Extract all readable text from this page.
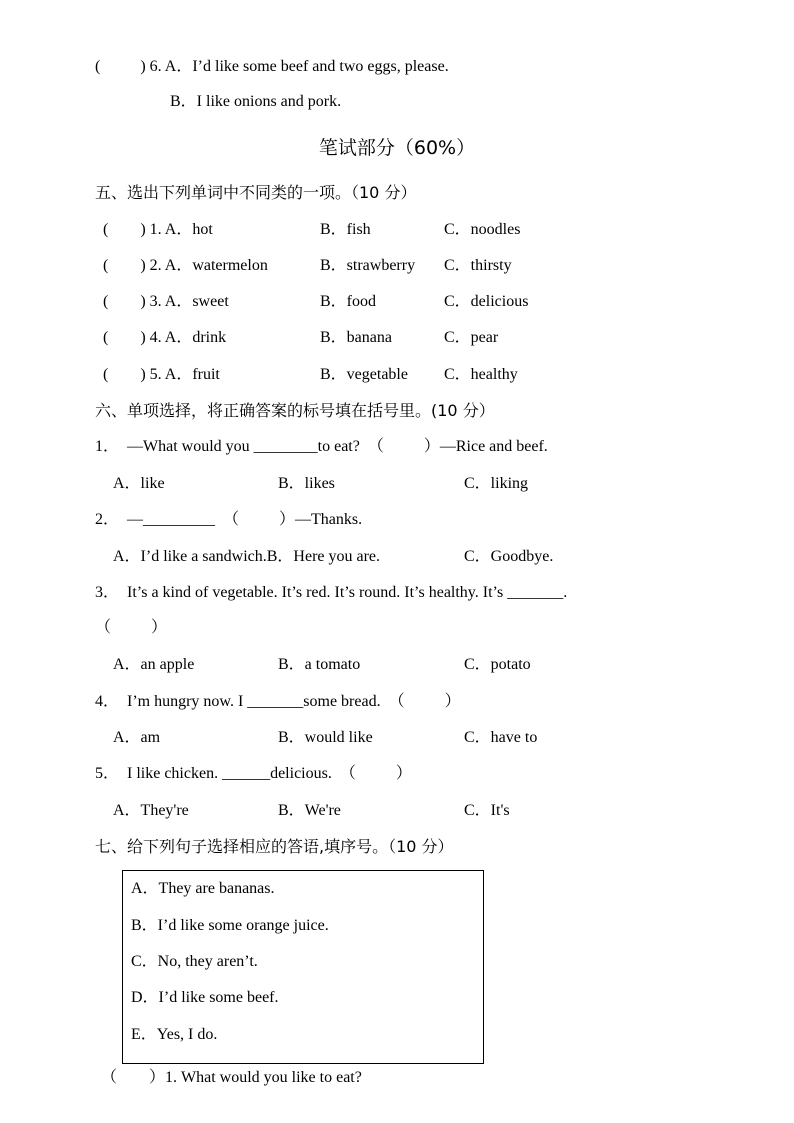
(          ) 6. A．I’d like some beef and two eggs, please.
B．I like onions and pork.
笔试部分（60%）
五、选出下列单词中不同类的一项。（10 分）
(        ) 1. A．hot	B．fish	C．noodles
(        ) 2. A．watermelon	B．strawberry C．thirsty
(        ) 3. A．sweet	B．food	C．delicious
(        ) 4. A．drink	B．banana	C．pear
(        ) 5. A．fruit	B．vegetable C．healthy
六、单项选择，将正确答案的标号填在括号里。(10 分）
1．  —What would you ________to eat?  （          ）—Rice and beef.
A．like	B．likes	C．liking
2．  —_________  （          ）—Thanks.
A．I’d like a sandwich.B．Here you are.	C．Goodbye.
3．  It’s a kind of vegetable. It’s red. It’s round. It’s healthy. It’s _______.
（          ）
A．an apple	B．a tomato	C．potato
4．  I’m hungry now. I _______some bread.  （          ）
A．am	B．would like	C．have to
5．  I like chicken. ______delicious.  （          ）
A．They're	B．We're	C．It's
七、给下列句子选择相应的答语,填序号。（10 分）
A．They are bananas.
B．I’d like some orange juice.
C．No, they aren’t.
D．I’d like some beef.
E．Yes, I do.
（        ）1. What would you like to eat?
